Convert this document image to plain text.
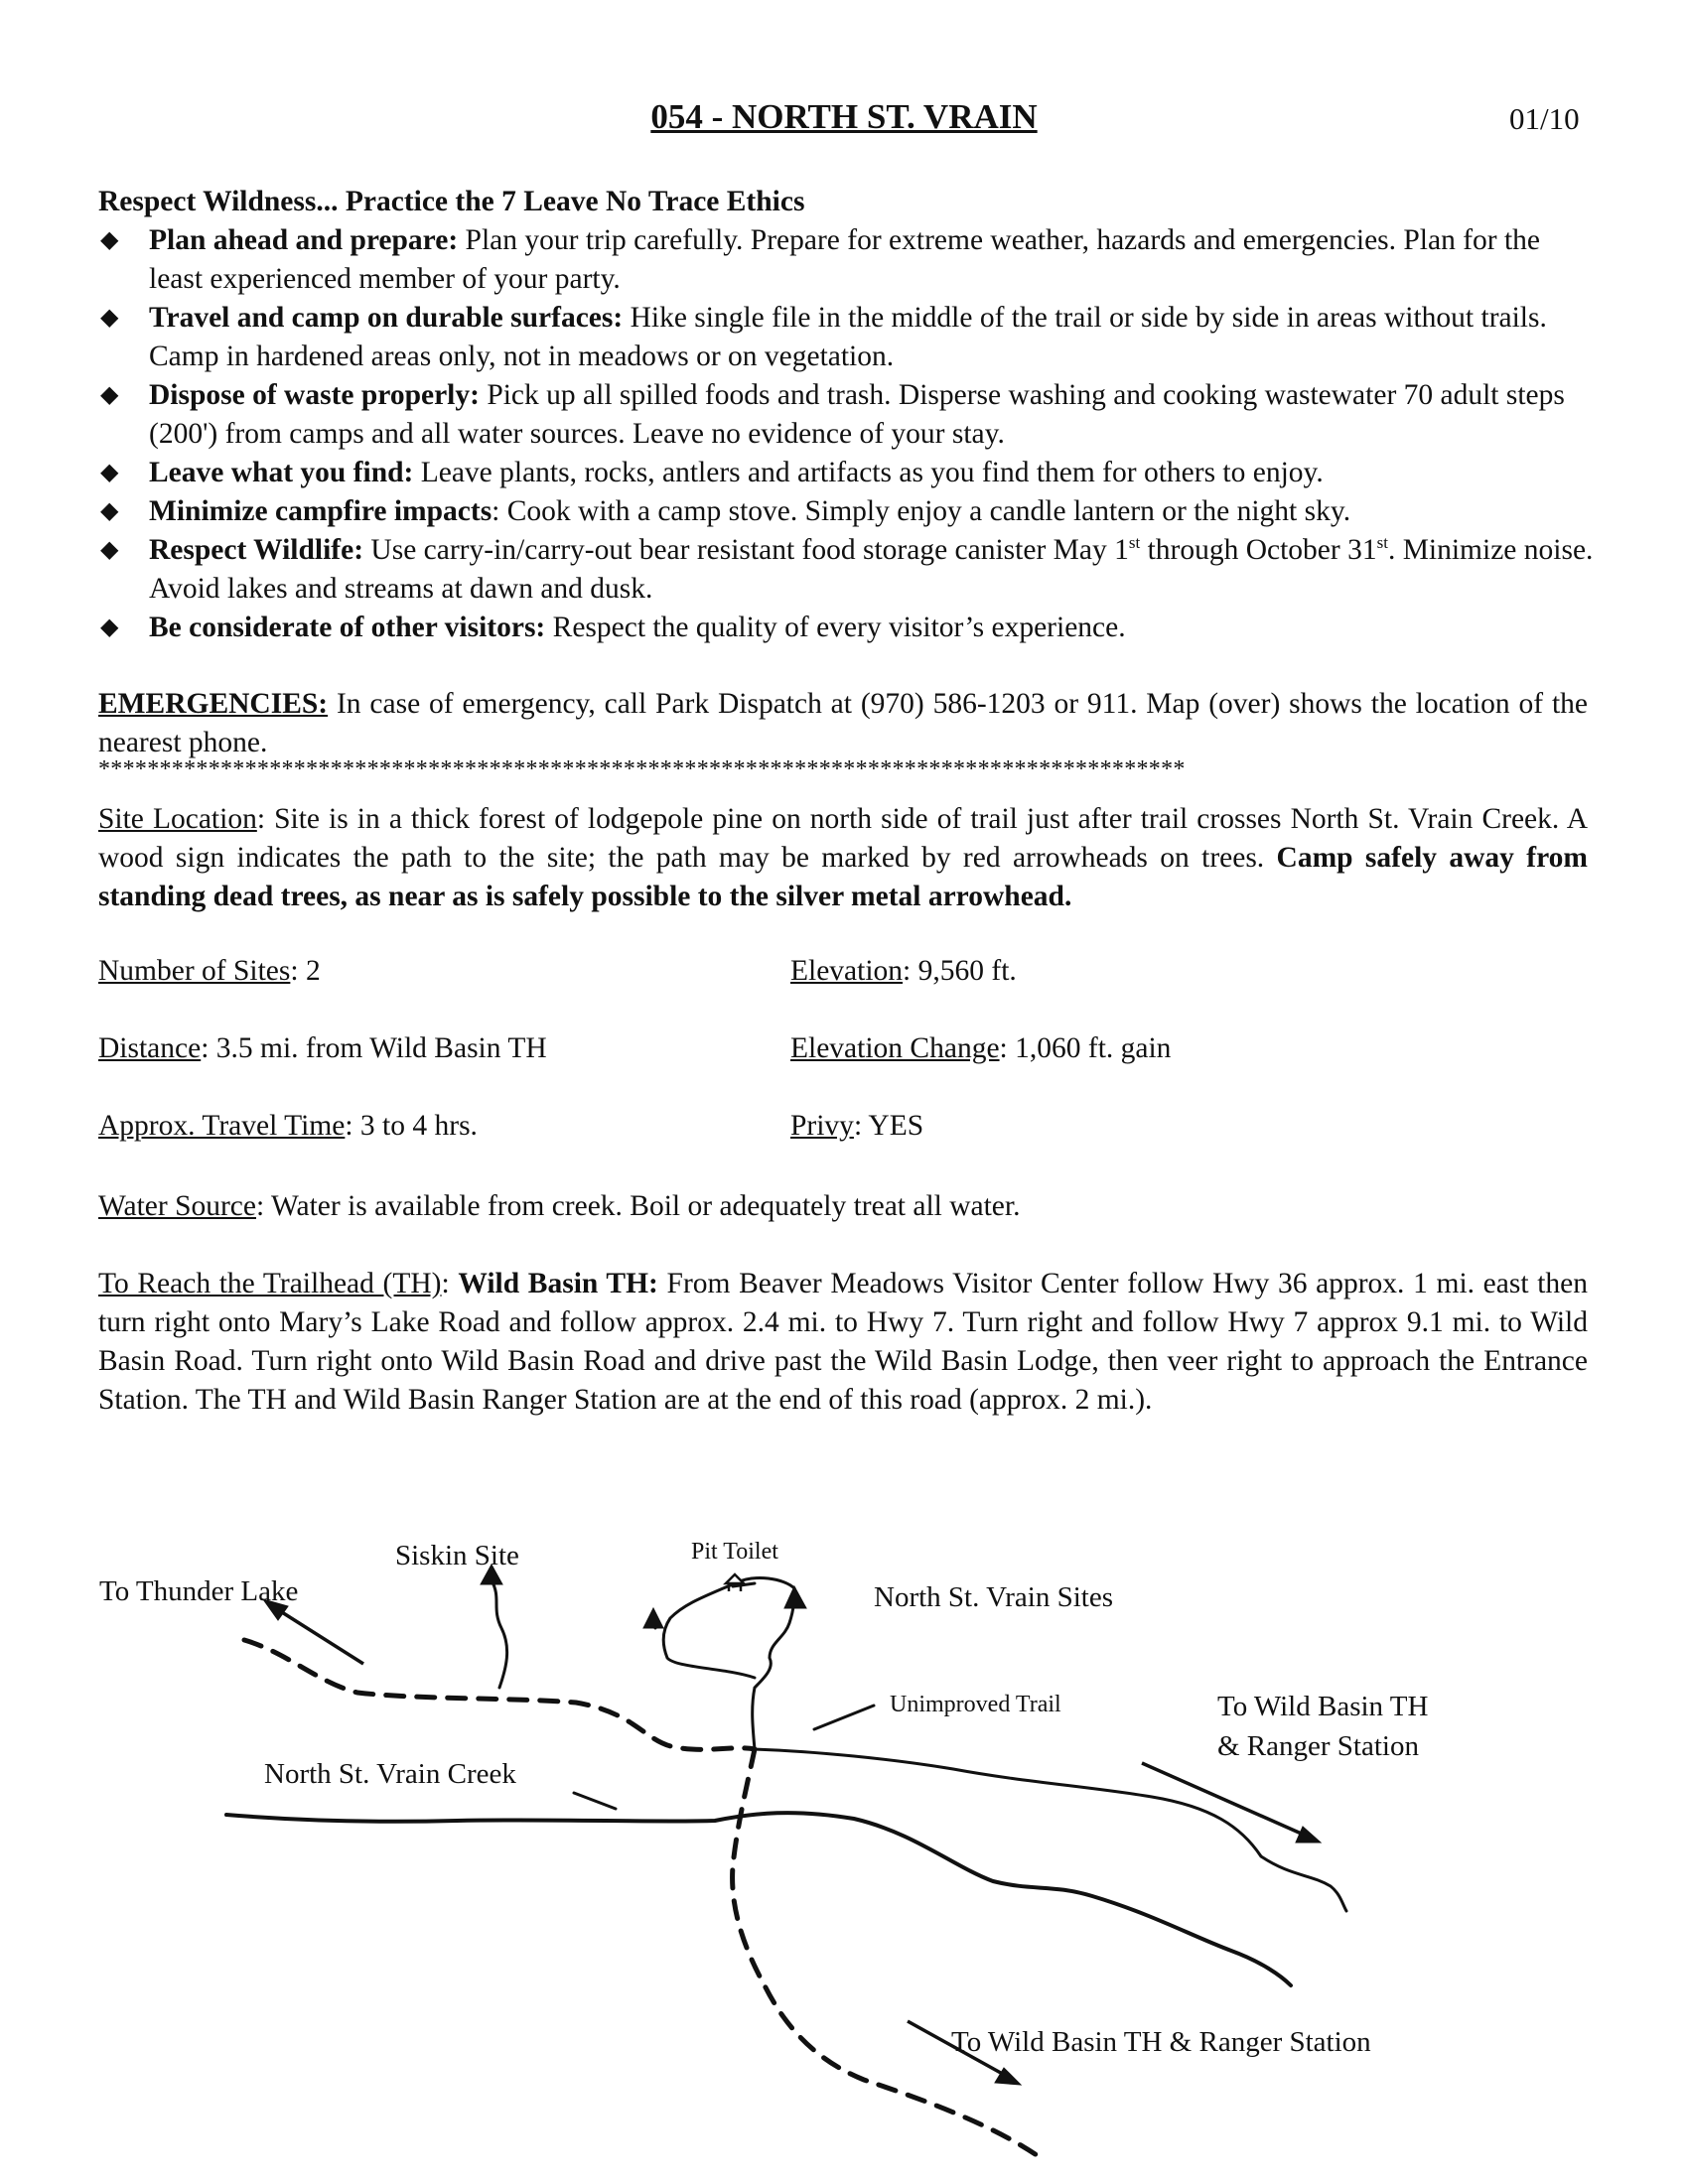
054 - NORTH ST. VRAIN	01/10
Respect Wildness... Practice the 7 Leave No Trace Ethics
◆ Plan ahead and prepare: Plan your trip carefully. Prepare for extreme weather, hazards and emergencies. Plan for the least experienced member of your party.
◆ Travel and camp on durable surfaces: Hike single file in the middle of the trail or side by side in areas without trails. Camp in hardened areas only, not in meadows or on vegetation.
◆ Dispose of waste properly: Pick up all spilled foods and trash. Disperse washing and cooking wastewater 70 adult steps (200') from camps and all water sources. Leave no evidence of your stay.
◆ Leave what you find: Leave plants, rocks, antlers and artifacts as you find them for others to enjoy.
◆ Minimize campfire impacts: Cook with a camp stove. Simply enjoy a candle lantern or the night sky.
◆ Respect Wildlife: Use carry-in/carry-out bear resistant food storage canister May 1st through October 31st. Minimize noise. Avoid lakes and streams at dawn and dusk.
◆ Be considerate of other visitors: Respect the quality of every visitor’s experience.
EMERGENCIES: In case of emergency, call Park Dispatch at (970) 586-1203 or 911. Map (over) shows the location of the nearest phone.
*****************************************************************************************
Site Location: Site is in a thick forest of lodgepole pine on north side of trail just after trail crosses North St. Vrain Creek. A wood sign indicates the path to the site; the path may be marked by red arrowheads on trees. Camp safely away from standing dead trees, as near as is safely possible to the silver metal arrowhead.
Number of Sites: 2	Elevation: 9,560 ft.
Distance: 3.5 mi. from Wild Basin TH	Elevation Change: 1,060 ft. gain
Approx. Travel Time: 3 to 4 hrs.	Privy: YES
Water Source: Water is available from creek. Boil or adequately treat all water.
To Reach the Trailhead (TH): Wild Basin TH: From Beaver Meadows Visitor Center follow Hwy 36 approx. 1 mi. east then turn right onto Mary’s Lake Road and follow approx. 2.4 mi. to Hwy 7. Turn right and follow Hwy 7 approx 9.1 mi. to Wild Basin Road. Turn right onto Wild Basin Road and drive past the Wild Basin Lodge, then veer right to approach the Entrance Station. The TH and Wild Basin Ranger Station are at the end of this road (approx. 2 mi.).
To Thunder Lake
Siskin Site	Pit Toilet
North St. Vrain Sites
Unimproved Trail	To Wild Basin TH
& Ranger Station
North St. Vrain Creek
To Wild Basin TH & Ranger Station
